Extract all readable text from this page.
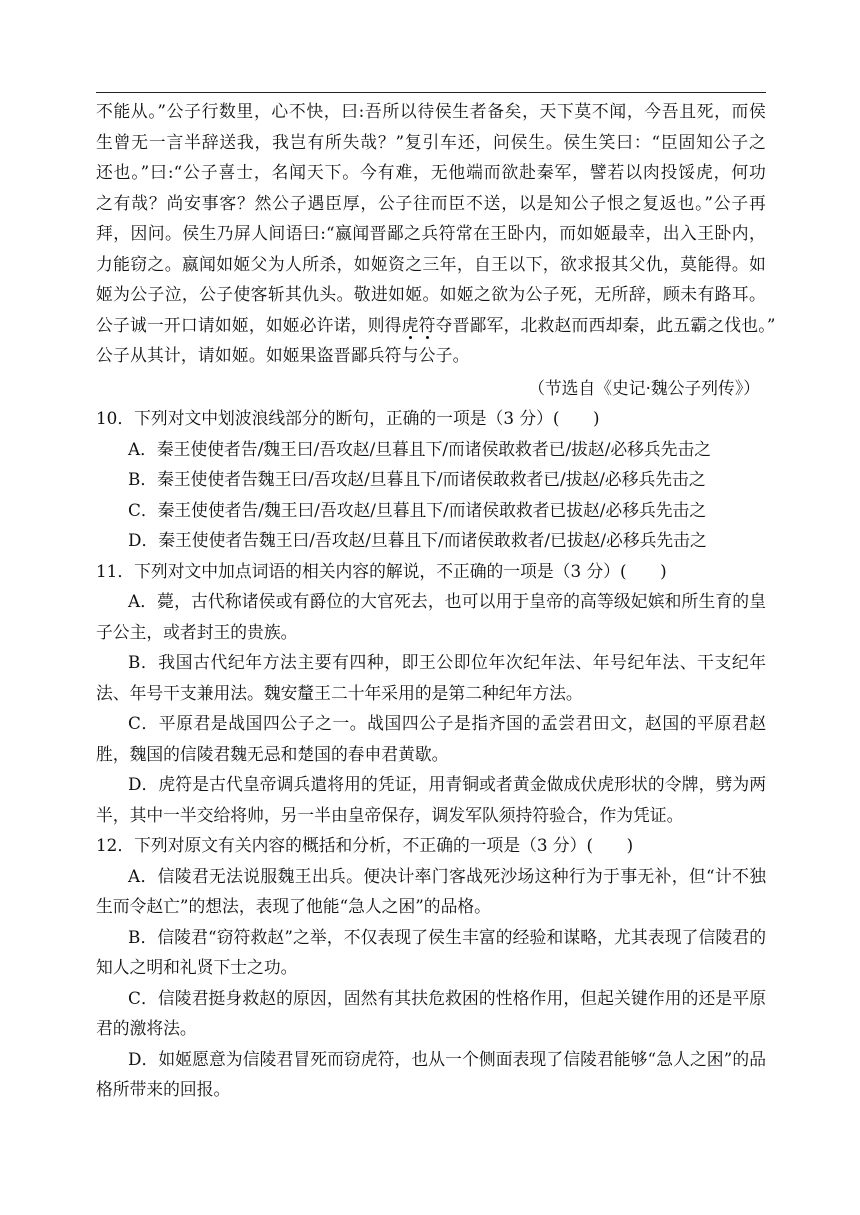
不能从。”公子行数里，心不快，曰:吾所以待侯生者备矣，天下莫不闻，今吾且死，而侯

生曾无一言半辞送我，我岂有所失哉？”复引车还，问侯生。侯生笑曰：“臣固知公子之

还也。”曰:“公子喜士，名闻天下。今有难，无他端而欲赴秦军，譬若以肉投馁虎，何功

之有哉？尚安事客？然公子遇臣厚，公子往而臣不送，以是知公子恨之复返也。”公子再

拜，因问。侯生乃屏人间语曰:“嬴闻晋鄙之兵符常在王卧内，而如姬最幸，出入王卧内，

力能窃之。嬴闻如姬父为人所杀，如姬资之三年，自王以下，欲求报其父仇，莫能得。如

姬为公子泣，公子使客斩其仇头。敬进如姬。如姬之欲为公子死，无所辞，顾未有路耳。

公子诚一开口请如姬，如姬必许诺，则得虎符夺晋鄙军，北救赵而西却秦，此五霸之伐也。”

公子从其计，请如姬。如姬果盗晋鄙兵符与公子。

（节选自《史记·魏公子列传》）

10．下列对文中划波浪线部分的断句，正确的一项是（3 分）(　　)

A．秦王使使者告/魏王曰/吾攻赵/旦暮且下/而诸侯敢救者已/拔赵/必移兵先击之

B．秦王使使者告魏王曰/吾攻赵/旦暮且下/而诸侯敢救者已/拔赵/必移兵先击之

C．秦王使使者告/魏王曰/吾攻赵/旦暮且下/而诸侯敢救者已拔赵/必移兵先击之

D．秦王使使者告魏王曰/吾攻赵/旦暮且下/而诸侯敢救者/已拔赵/必移兵先击之

11．下列对文中加点词语的相关内容的解说，不正确的一项是（3 分）(　　)

A．薨，古代称诸侯或有爵位的大官死去，也可以用于皇帝的高等级妃嫔和所生育的皇子公主，或者封王的贵族。

B．我国古代纪年方法主要有四种，即王公即位年次纪年法、年号纪年法、干支纪年法、年号干支兼用法。魏安釐王二十年采用的是第二种纪年方法。

C．平原君是战国四公子之一。战国四公子是指齐国的孟尝君田文，赵国的平原君赵胜，魏国的信陵君魏无忌和楚国的春申君黄歇。

D．虎符是古代皇帝调兵遣将用的凭证，用青铜或者黄金做成伏虎形状的令牌，劈为两半，其中一半交给将帅，另一半由皇帝保存，调发军队须持符验合，作为凭证。

12．下列对原文有关内容的概括和分析，不正确的一项是（3 分）(　　)

A．信陵君无法说服魏王出兵。便决计率门客战死沙场这种行为于事无补，但“计不独生而令赵亡”的想法，表现了他能“急人之困”的品格。

B．信陵君“窃符救赵”之举，不仅表现了侯生丰富的经验和谋略，尤其表现了信陵君的知人之明和礼贤下士之功。

C．信陵君挺身救赵的原因，固然有其扶危救困的性格作用，但起关键作用的还是平原君的激将法。

D．如姬愿意为信陵君冒死而窃虎符，也从一个侧面表现了信陵君能够“急人之困”的品格所带来的回报。
